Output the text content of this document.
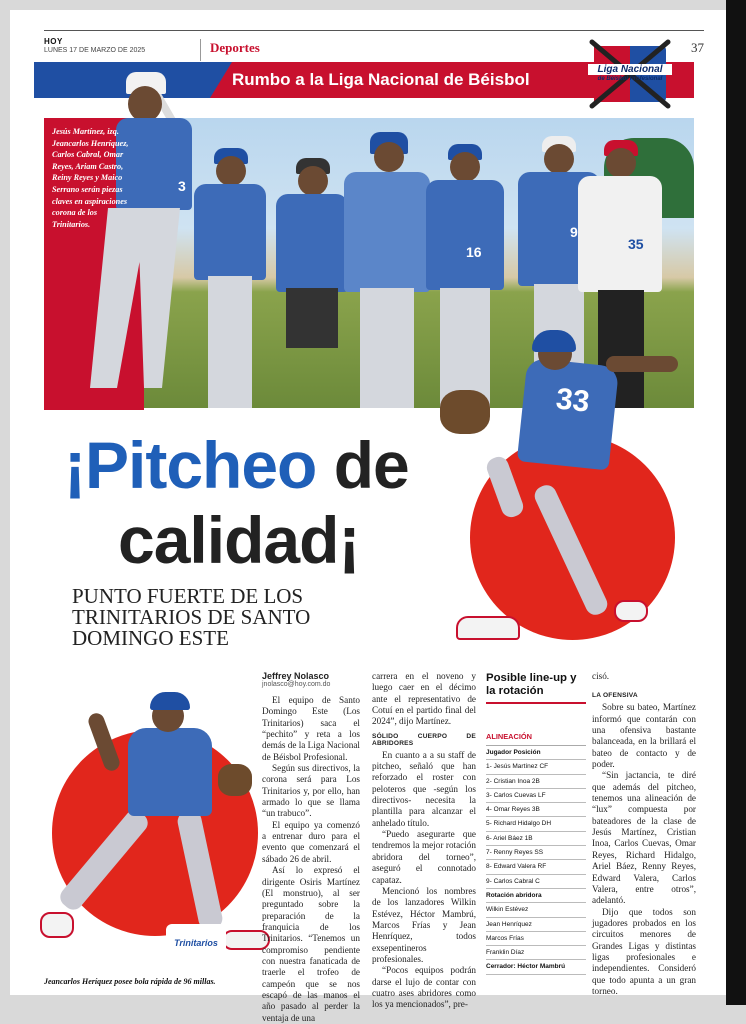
HOY
LUNES 17 DE MARZO DE 2025	Deportes	37
Rumbo a la Liga Nacional de Béisbol
Liga Nacional
de Béisbol Profesional
16
9
35
3
Jesús Martínez, izq. Jeancarlos Henríquez, Carlos Cabral, Omar Reyes, Ariam Castro, Reiny Reyes y Maico Serrano serán piezas claves en aspiraciones corona de los Trinitarios.
33
¡Pitcheo de
calidad¡
PUNTO FUERTE DE LOS TRINITARIOS DE SANTO DOMINGO ESTE
Trinitarios
Jeancarlos Heríquez posee bola rápida de 96 millas.
Jeffrey Nolasco
jnolasco@hoy.com.do

El equipo de Santo Domingo Este (Los Trinitarios) saca el “pechito” y reta a los demás de la Liga Nacional de Béisbol Profesional.

Según sus directivos, la corona será para Los Trinitarios y, por ello, han armado lo que se llama “un trabuco”.

El equipo ya comenzó a entrenar duro para el evento que comenzará el sábado 26 de abril.

Así lo expresó el dirigente Osiris Martínez (El monstruo), al ser preguntado sobre la preparación de la franquicia de los Trinitarios. “Tenemos un compromiso pendiente con nuestra fanaticada de traerle el trofeo de campeón que se nos escapó de las manos el año pasado al perder la ventaja de una

carrera en el noveno y luego caer en el décimo ante el representativo de Cotuí en el partido final del 2024”, dijo Martínez.

SÓLIDO CUERPO DE ABRIDORES

En cuanto a a su staff de pitcheo, señaló que han reforzado el roster con peloteros que -según los directivos- necesita la plantilla para alcanzar el anhelado título.

“Puedo asegurarte que tendremos la mejor rotación abridora del torneo”, aseguró el connotado capataz.

Mencionó los nombres de los lanzadores Wilkin Estévez, Héctor Mambrú, Marcos Frías y Jean Henríquez, todos exsepentineros profesionales.

“Pocos equipos podrán darse el lujo de contar con cuatro ases abridores como los ya mencionados”, pre-

Posible line-up y la rotación
ALINEACIÓN
Jugador Posición
1- Jesús Martínez CF
2- Cristian Inoa 2B
3- Carlos Cuevas LF
4- Omar Reyes 3B
5- Richard Hidalgo DH
6- Ariel Báez 1B
7- Renny Reyes SS
8- Edward Valera RF
9- Carlos Cabral C
Rotación abridora
Wilkin Estévez
Jean Henríquez
Marcos Frías
Franklin Díaz
Cerrador: Héctor Mambrú

cisó.

LA OFENSIVA

Sobre su bateo, Martínez informó que contarán con una ofensiva bastante balanceada, en la brillará el bateo de contacto y de poder.

“Sin jactancia, te diré que además del pitcheo, tenemos una alineación de “lux” compuesta por bateadores de la clase de Jesús Martínez, Cristian Inoa, Carlos Cuevas, Omar Reyes, Richard Hidalgo, Ariel Báez, Renny Reyes, Edward Valera, Carlos Valera, entre otros”, adelantó.

Dijo que todos son jugadores probados en los circuitos menores de Grandes Ligas y distintas ligas profesionales e independientes. Consideró que todo apunta a un gran torneo.
